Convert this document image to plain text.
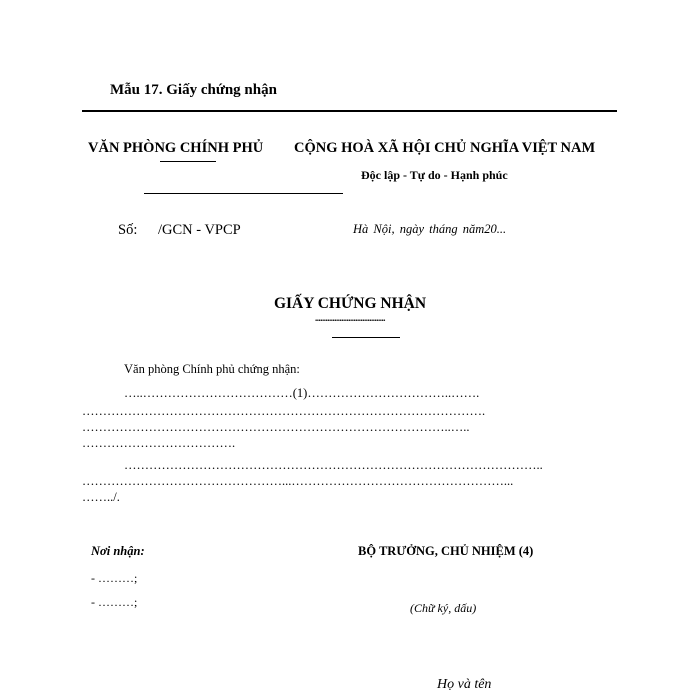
Mẫu 17. Giấy chứng nhận
VĂN PHÒNG CHÍNH PHỦ CỘNG HOÀ XÃ HỘI CHỦ NGHĨA VIỆT NAM
Độc lập - Tự do - Hạnh phúc
Số: /GCN - VPCP	Hà Nội, ngày tháng năm20...
GIẤY CHỨNG NHẬN
........................................
Văn phòng Chính phủ chứng nhận:
…..………………………………(1)……………………………..…….
…………………………………………………………………………………….
……………………………………………………………………………..…..
……………………………….
………………………………………………………………………………………..
…………………………………………...……………………………………………...
……../.
Nơi nhận:
- ………;
- ………;
BỘ TRƯỞNG, CHỦ NHIỆM (4)
(Chữ ký, dấu)
Họ và tên
